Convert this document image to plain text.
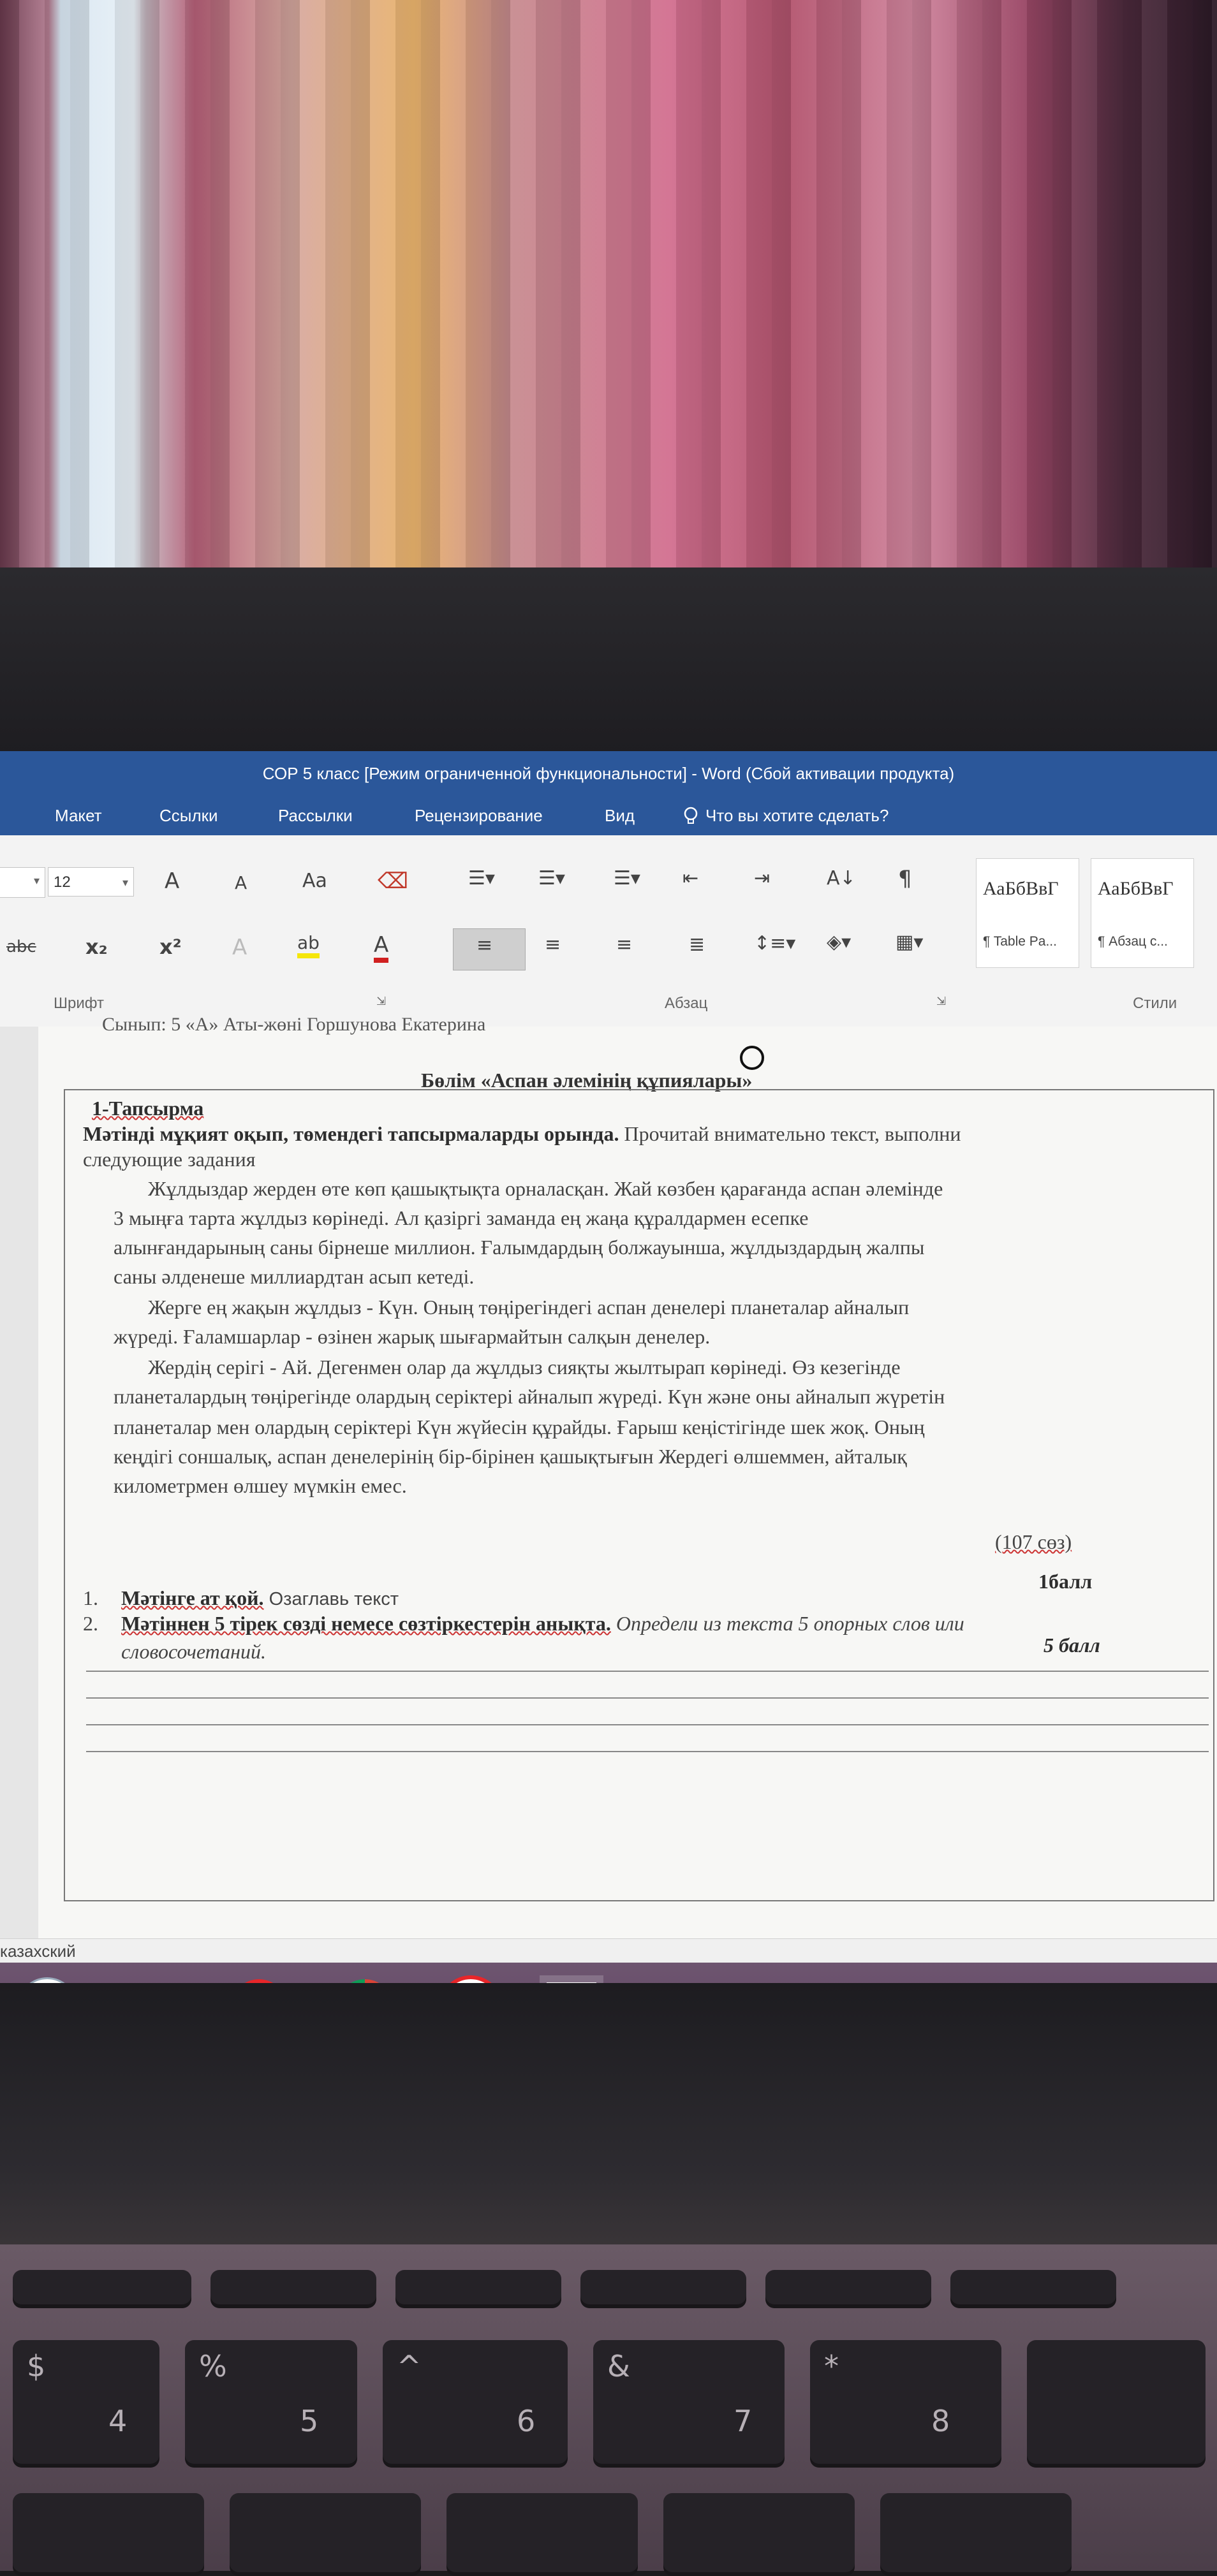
СОР 5 класс [Режим ограниченной функциональности] - Word (Сбой активации продукта)
Макет	Ссылки	Рассылки	Рецензирование	Вид	Что вы хотите сделать?
▾ 12	▾ A	A	Aa ⌫
abc x₂	x² A	ab	A
☰▾ ☰▾	☰▾ ⇤	⇥	A↓ ¶
≡	≡	≡	≣	↕≡▾ ◈▾ ▦▾
АаБбВвГ
¶ Table Pa...
АаБбВвГ
¶ Абзац с...
Шрифт	⇲	Абзац	⇲	Стили
Сынып: 5 «А» Аты-жөні Горшунова Екатерина
Бөлім «Аспан әлемінің құпиялары»
1-Тапсырма
Мәтінді мұқият оқып, төмендегі тапсырмаларды орында. Прочитай внимательно текст, выполни
следующие задания
Жұлдыздар жерден өте көп қашықтықта орналасқан. Жай көзбен қарағанда аспан әлемінде
3 мыңға тарта жұлдыз көрінеді. Ал қазіргі заманда ең жаңа құралдармен есепке
алынғандарының саны бірнеше миллион. Ғалымдардың болжауынша, жұлдыздардың жалпы
саны әлденеше миллиардтан асып кетеді.
Жерге ең жақын жұлдыз - Күн. Оның төңірегіндегі аспан денелері планеталар айналып
жүреді. Ғаламшарлар - өзінен жарық шығармайтын салқын денелер.
Жердің серігі - Ай. Дегенмен олар да жұлдыз сияқты жылтырап көрінеді. Өз кезегінде
планеталардың төңірегінде олардың серіктері айналып жүреді. Күн және оны айналып жүретін
планеталар мен олардың серіктері Күн жүйесін құрайды. Ғарыш кеңістігінде шек жоқ. Оның
кеңдігі соншалық, аспан денелерінің бір-бірінен қашықтығын Жердегі өлшеммен, айталық
километрмен өлшеу мүмкін емес.
(107 сөз)
1. Мәтінге ат қой. Озаглавь текст
1балл
2. Мәтіннен 5 тірек сөзді немесе сөзтіркестерін анықта. Определи из текста 5 опорных слов или
словосочетаний.	5 балл
казахский
$
4
%
5
^
6
&
7
*
8
